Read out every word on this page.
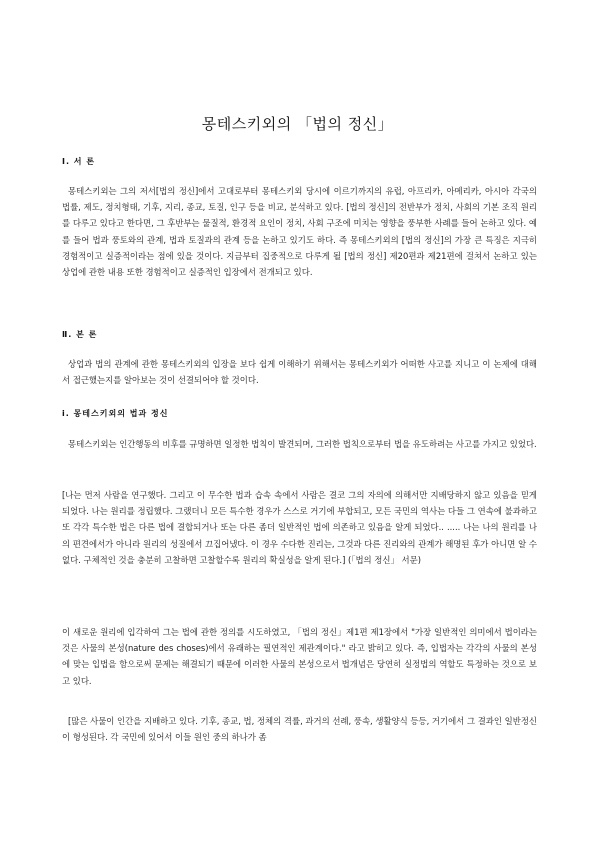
몽테스키외의 「법의 정신」
Ⅰ. 서 론

몽테스키외는 그의 저서[법의 정신]에서 고대로부터 몽테스키외 당시에 이르기까지의 유럽, 아프리카, 아메리카, 아시아 각국의 법률, 제도, 정치형태, 기후, 지리, 종교, 토질, 인구 등을 비교, 분석하고 있다. [법의 정신]의 전반부가 정치, 사회의 기본 조직 원리를 다루고 있다고 한다면, 그 후반부는 물질적, 환경적 요인이 정치, 사회 구조에 미치는 영향을 풍부한 사례를 들어 논하고 있다. 예를 들어 법과 풍토와의 관계, 법과 토질과의 관계 등을 논하고 있기도 하다. 즉 몽테스키외의 [법의 정신]의 가장 큰 특징은 지극히 경험적이고 실증적이라는 점에 있을 것이다. 지금부터 집중적으로 다루게 될 [법의 정신] 제20편과 제21편에 걸쳐서 논하고 있는 상업에 관한 내용 또한 경험적이고 실증적인 입장에서 전개되고 있다.

Ⅱ. 본 론

상업과 법의 관계에 관한 몽테스키외의 입장을 보다 쉽게 이해하기 위해서는 몽테스키외가 어떠한 사고를 지니고 이 논제에 대해서 접근했는지를 알아보는 것이 선결되어야 할 것이다.

ⅰ. 몽테스키외의 법과 정신

몽테스키외는 인간행동의 비후를 규명하면 일정한 법칙이 발견되며, 그러한 법칙으로부터 법을 유도하려는 사고를 가지고 있었다.

[나는 먼저 사람을 연구했다. 그리고 이 무수한 법과 습속 속에서 사람은 결코 그의 자의에 의해서만 지배당하지 않고 있음을 믿게 되었다. 나는 원리를 정립했다. 그랬더니 모든 특수한 경우가 스스로 거기에 부합되고, 모든 국민의 역사는 다들 그 연속에 불과하고 또 각각 특수한 법은 다른 법에 결합되거나 또는 다른 좀더 일반적인 법에 의존하고 있음을 알게 되었다.. ..... 나는 나의 원리를 나의 편견에서가 아니라 원리의 성질에서 끄집어냈다. 이 경우 수다한 진리는, 그것과 다른 진리와의 관계가 해명된 후가 아니면 알 수 없다. 구체적인 것을 충분히 고찰하면 고찰할수록 원리의 확실성을 알게 된다.] (「법의 정신」 서문)

이 새로운 원리에 입각하여 그는 법에 관한 정의를 시도하였고, 「법의 정신」제1편 제1장에서 "가장 일반적인 의미에서 법이라는 것은 사물의 본성(nature des choses)에서 유래하는 필연적인 제관계이다." 라고 밝히고 있다. 즉, 입법자는 각각의 사물의 본성에 맞는 입법을 함으로써 문제는 해결되기 때문에 이러한 사물의 본성으로서 법개념은 당연히 실정법의 역할도 특정하는 것으로 보고 있다.

[많은 사물이 인간을 지배하고 있다. 기후, 종교, 법, 정체의 격률, 과거의 선례, 풍속, 생활양식 등등, 거기에서 그 결과인 일반정신이 형성된다. 각 국민에 있어서 이들 원인 중의 하나가 좀
